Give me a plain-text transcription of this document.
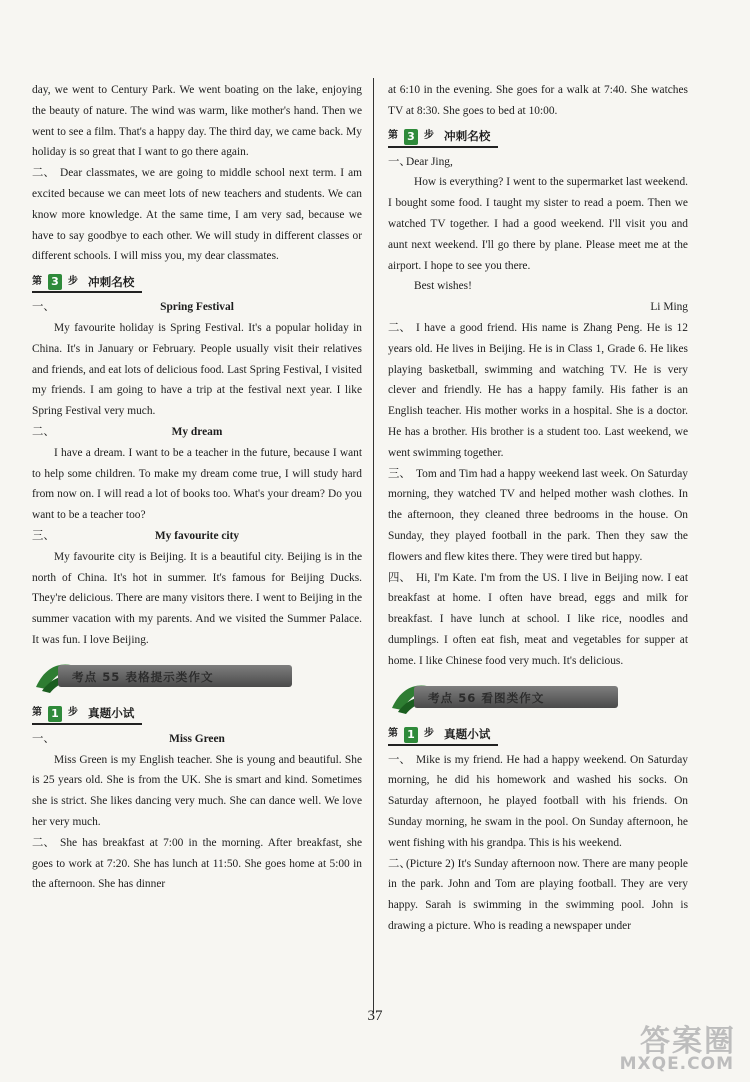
day, we went to Century Park. We went boating on the lake, enjoying the beauty of nature. The wind was warm, like mother's hand. Then we went to see a film. That's a happy day. The third day, we came back. My holiday is so great that I want to go there again.

二、 Dear classmates, we are going to middle school next term. I am excited because we can meet lots of new teachers and students. We can know more knowledge. At the same time, I am very sad, because we have to say goodbye to each other. We will study in different classes or different schools. I will miss you, my dear classmates.

第 3 步 冲刺名校

一、	Spring Festival

My favourite holiday is Spring Festival. It's a popular holiday in China. It's in January or February. People usually visit their relatives and friends, and eat lots of delicious food. Last Spring Festival, I visited my friends. I am going to have a trip at the festival next year. I like Spring Festival very much.

二、	My dream

I have a dream. I want to be a teacher in the future, because I want to help some children. To make my dream come true, I will study hard from now on. I will read a lot of books too. What's your dream? Do you want to be a teacher too?

三、	My favourite city

My favourite city is Beijing. It is a beautiful city. Beijing is in the north of China. It's hot in summer. It's famous for Beijing Ducks. They're delicious. There are many visitors there. I went to Beijing in the summer vacation with my parents. And we visited the Summer Palace. It was fun. I love Beijing.

考点 55 表格提示类作文
第 1 步 真题小试

一、	Miss Green

Miss Green is my English teacher. She is young and beautiful. She is 25 years old. She is from the UK. She is smart and kind. Sometimes she is strict. She likes dancing very much. She can dance well. We love her very much.

二、 She has breakfast at 7:00 in the morning. After breakfast, she goes to work at 7:20. She has lunch at 11:50. She goes home at 5:00 in the afternoon. She has dinner

at 6:10 in the evening. She goes for a walk at 7:40. She watches TV at 8:30. She goes to bed at 10:00.

第 3 步 冲刺名校

一、Dear Jing,

How is everything? I went to the supermarket last weekend. I bought some food. I taught my sister to read a poem. Then we watched TV together. I had a good weekend. I'll visit you and aunt next weekend. I'll go there by plane. Please meet me at the airport. I hope to see you there.

Best wishes!

Li Ming

二、 I have a good friend. His name is Zhang Peng. He is 12 years old. He lives in Beijing. He is in Class 1, Grade 6. He likes playing basketball, swimming and watching TV. He is very clever and friendly. He has a happy family. His father is an English teacher. His mother works in a hospital. She is a doctor. He has a brother. His brother is a student too. Last weekend, we went swimming together.

三、 Tom and Tim had a happy weekend last week. On Saturday morning, they watched TV and helped mother wash clothes. In the afternoon, they cleaned three bedrooms in the house. On Sunday, they played football in the park. Then they saw the flowers and flew kites there. They were tired but happy.

四、 Hi, I'm Kate. I'm from the US. I live in Beijing now. I eat breakfast at home. I often have bread, eggs and milk for breakfast. I have lunch at school. I like rice, noodles and dumplings. I often eat fish, meat and vegetables for supper at home. I like Chinese food very much. It's delicious.

考点 56 看图类作文
第 1 步 真题小试

一、 Mike is my friend. He had a happy weekend. On Saturday morning, he did his homework and washed his socks. On Saturday afternoon, he played football with his friends. On Sunday morning, he swam in the pool. On Sunday afternoon, he went fishing with his grandpa. This is his weekend.

二、(Picture 2) It's Sunday afternoon now. There are many people in the park. John and Tom are playing football. They are very happy. Sarah is swimming in the swimming pool. John is drawing a picture. Who is reading a newspaper under

37
答案圈
MXQE.COM
